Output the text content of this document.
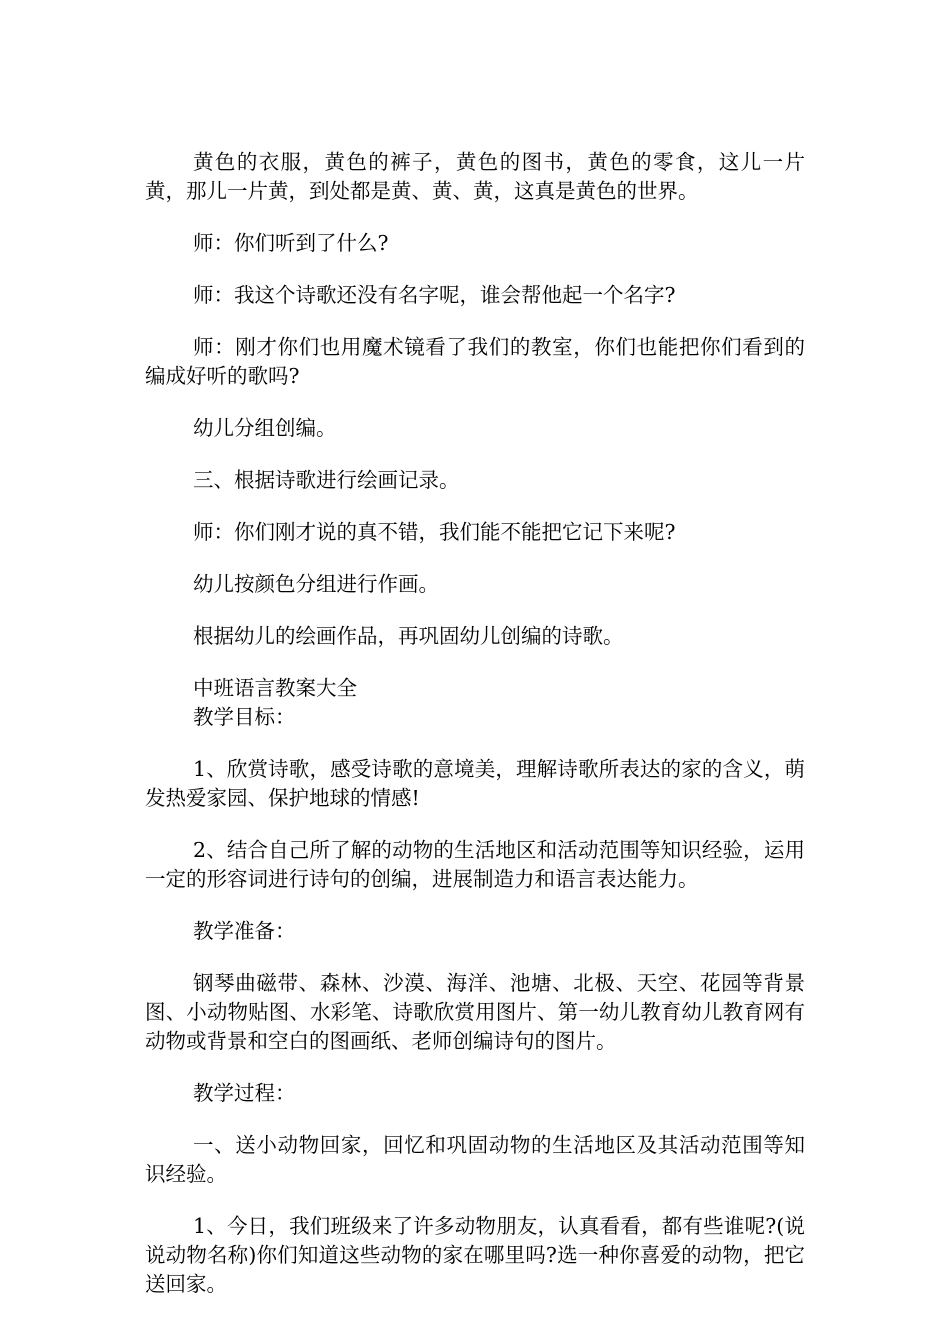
黄色的衣服，黄色的裤子，黄色的图书，黄色的零食，这儿一片黄，那儿一片黄，到处都是黄、黄、黄，这真是黄色的世界。

师：你们听到了什么?

师：我这个诗歌还没有名字呢，谁会帮他起一个名字?

师：刚才你们也用魔术镜看了我们的教室，你们也能把你们看到的编成好听的歌吗?

幼儿分组创编。

三、根据诗歌进行绘画记录。

师：你们刚才说的真不错，我们能不能把它记下来呢?

幼儿按颜色分组进行作画。

根据幼儿的绘画作品，再巩固幼儿创编的诗歌。

中班语言教案大全

教学目标：

1、欣赏诗歌，感受诗歌的意境美，理解诗歌所表达的家的含义，萌发热爱家园、保护地球的情感!

2、结合自己所了解的动物的生活地区和活动范围等知识经验，运用一定的形容词进行诗句的创编，进展制造力和语言表达能力。

教学准备：

钢琴曲磁带、森林、沙漠、海洋、池塘、北极、天空、花园等背景图、小动物贴图、水彩笔、诗歌欣赏用图片、第一幼儿教育幼儿教育网有动物或背景和空白的图画纸、老师创编诗句的图片。

教学过程：

一、送小动物回家，回忆和巩固动物的生活地区及其活动范围等知识经验。

1、今日，我们班级来了许多动物朋友，认真看看，都有些谁呢?(说说动物名称)你们知道这些动物的家在哪里吗?选一种你喜爱的动物，把它送回家。
